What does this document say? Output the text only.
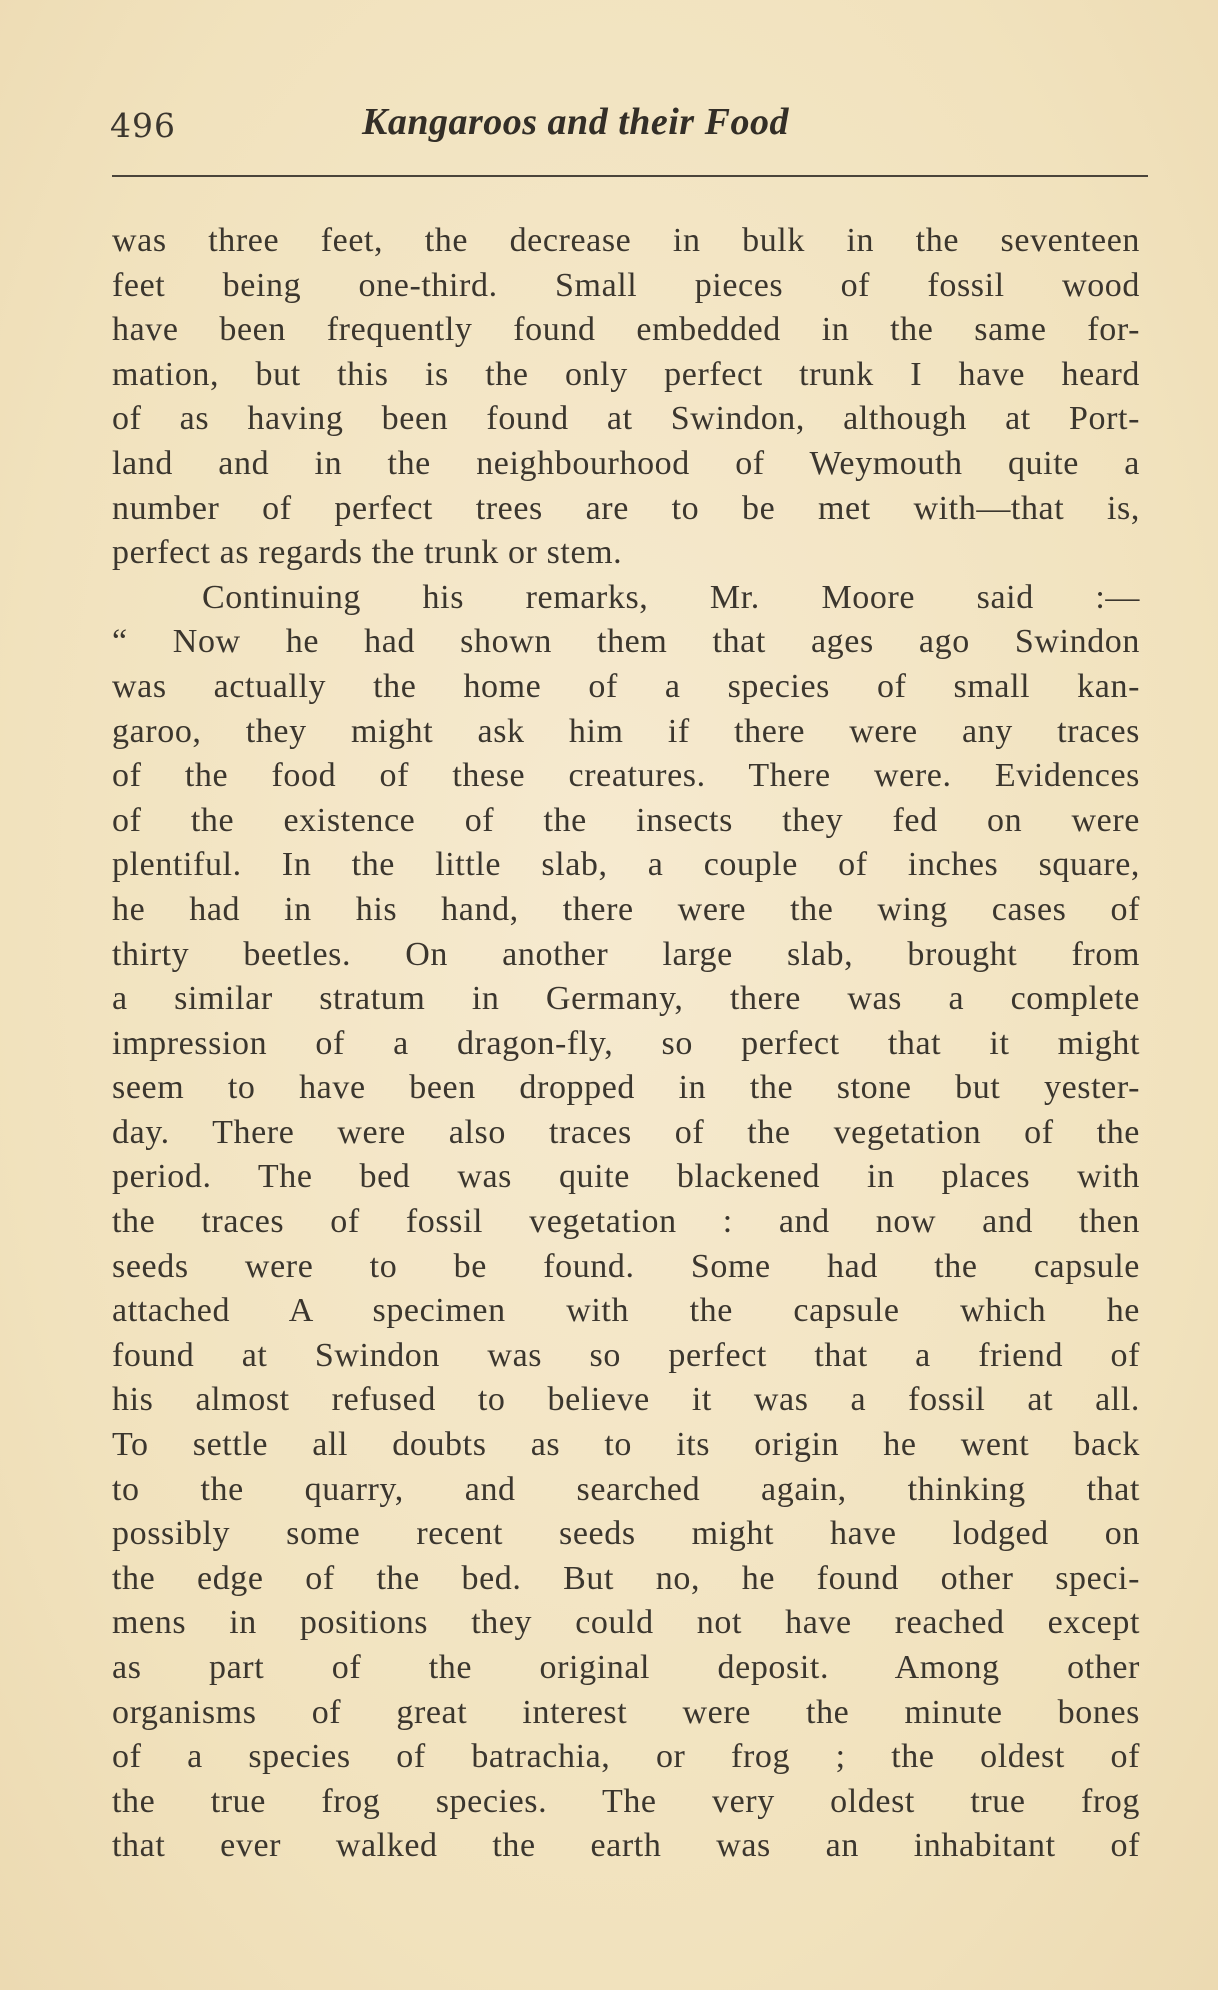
496	Kangaroos and their Food
was three feet, the decrease in bulk in the seventeen
feet being one-third. Small pieces of fossil wood
have been frequently found embedded in the same for-
mation, but this is the only perfect trunk I have heard
of as having been found at Swindon, although at Port-
land and in the neighbourhood of Weymouth quite a
number of perfect trees are to be met with—that is,
perfect as regards the trunk or stem.
Continuing his remarks, Mr. Moore said :—
“ Now he had shown them that ages ago Swindon
was actually the home of a species of small kan-
garoo, they might ask him if there were any traces
of the food of these creatures. There were. Evidences
of the existence of the insects they fed on were
plentiful. In the little slab, a couple of inches square,
he had in his hand, there were the wing cases of
thirty beetles. On another large slab, brought from
a similar stratum in Germany, there was a complete
impression of a dragon-fly, so perfect that it might
seem to have been dropped in the stone but yester-
day. There were also traces of the vegetation of the
period. The bed was quite blackened in places with
the traces of fossil vegetation : and now and then
seeds were to be found. Some had the capsule
attached A specimen with the capsule which he
found at Swindon was so perfect that a friend of
his almost refused to believe it was a fossil at all.
To settle all doubts as to its origin he went back
to the quarry, and searched again, thinking that
possibly some recent seeds might have lodged on
the edge of the bed. But no, he found other speci-
mens in positions they could not have reached except
as part of the original deposit. Among other
organisms of great interest were the minute bones
of a species of batrachia, or frog ; the oldest of
the true frog species. The very oldest true frog
that ever walked the earth was an inhabitant of
